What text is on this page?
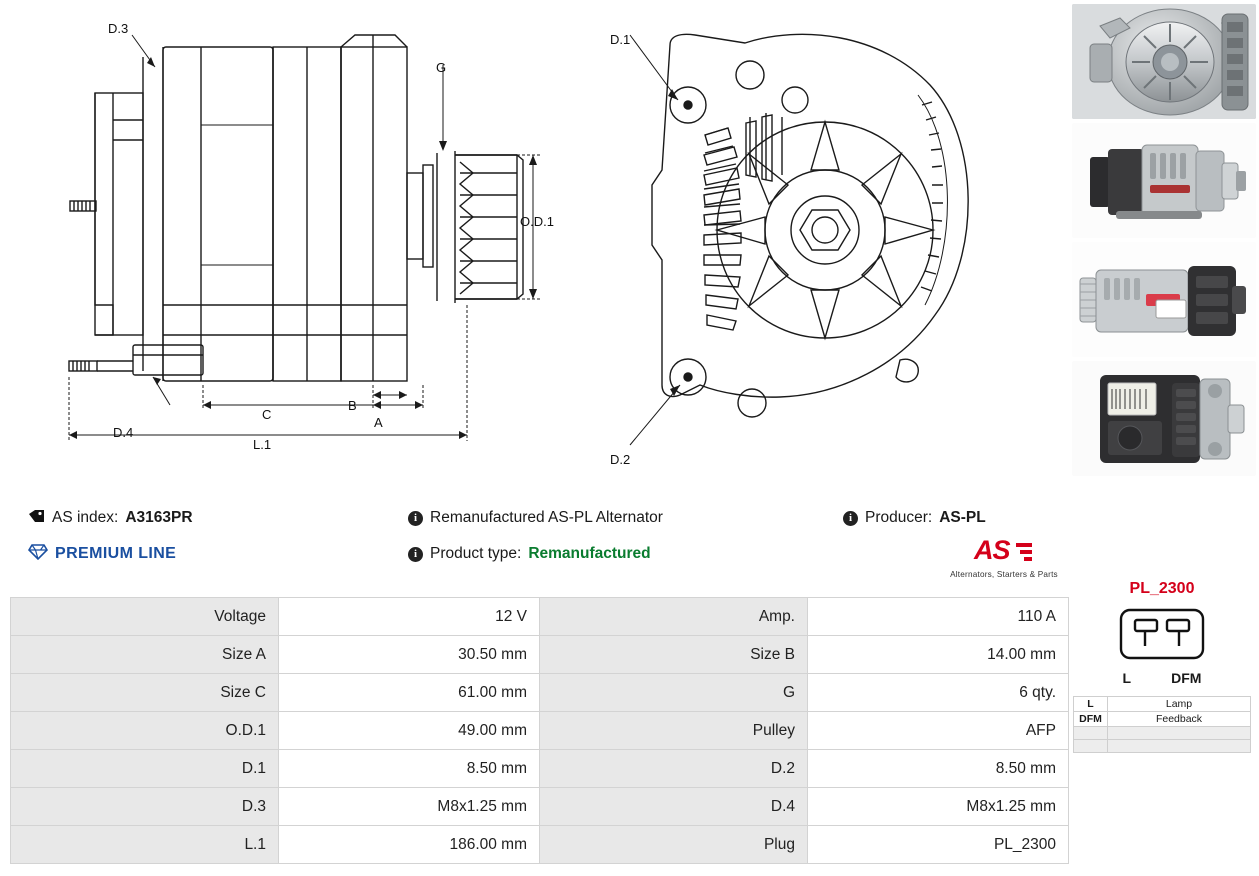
D.3
G
O.D.1
D.4
C
B
A
L.1
D.1
D.2
AS index: A3163PR	i Remanufactured AS-PL Alternator	i Producer: AS-PL
PREMIUM LINE	i Product type: Remanufactured	AS
Alternators, Starters & Parts
Voltage	12 V	Amp.	110 A
Size A	30.50 mm	Size B	14.00 mm
Size C	61.00 mm	G	6 qty.
O.D.1	49.00 mm	Pulley	AFP
D.1	8.50 mm	D.2	8.50 mm
D.3	M8x1.25 mm	D.4	M8x1.25 mm
L.1	186.00 mm	Plug	PL_2300
PL_2300
L	DFM
L	Lamp
DFM	Feedback
